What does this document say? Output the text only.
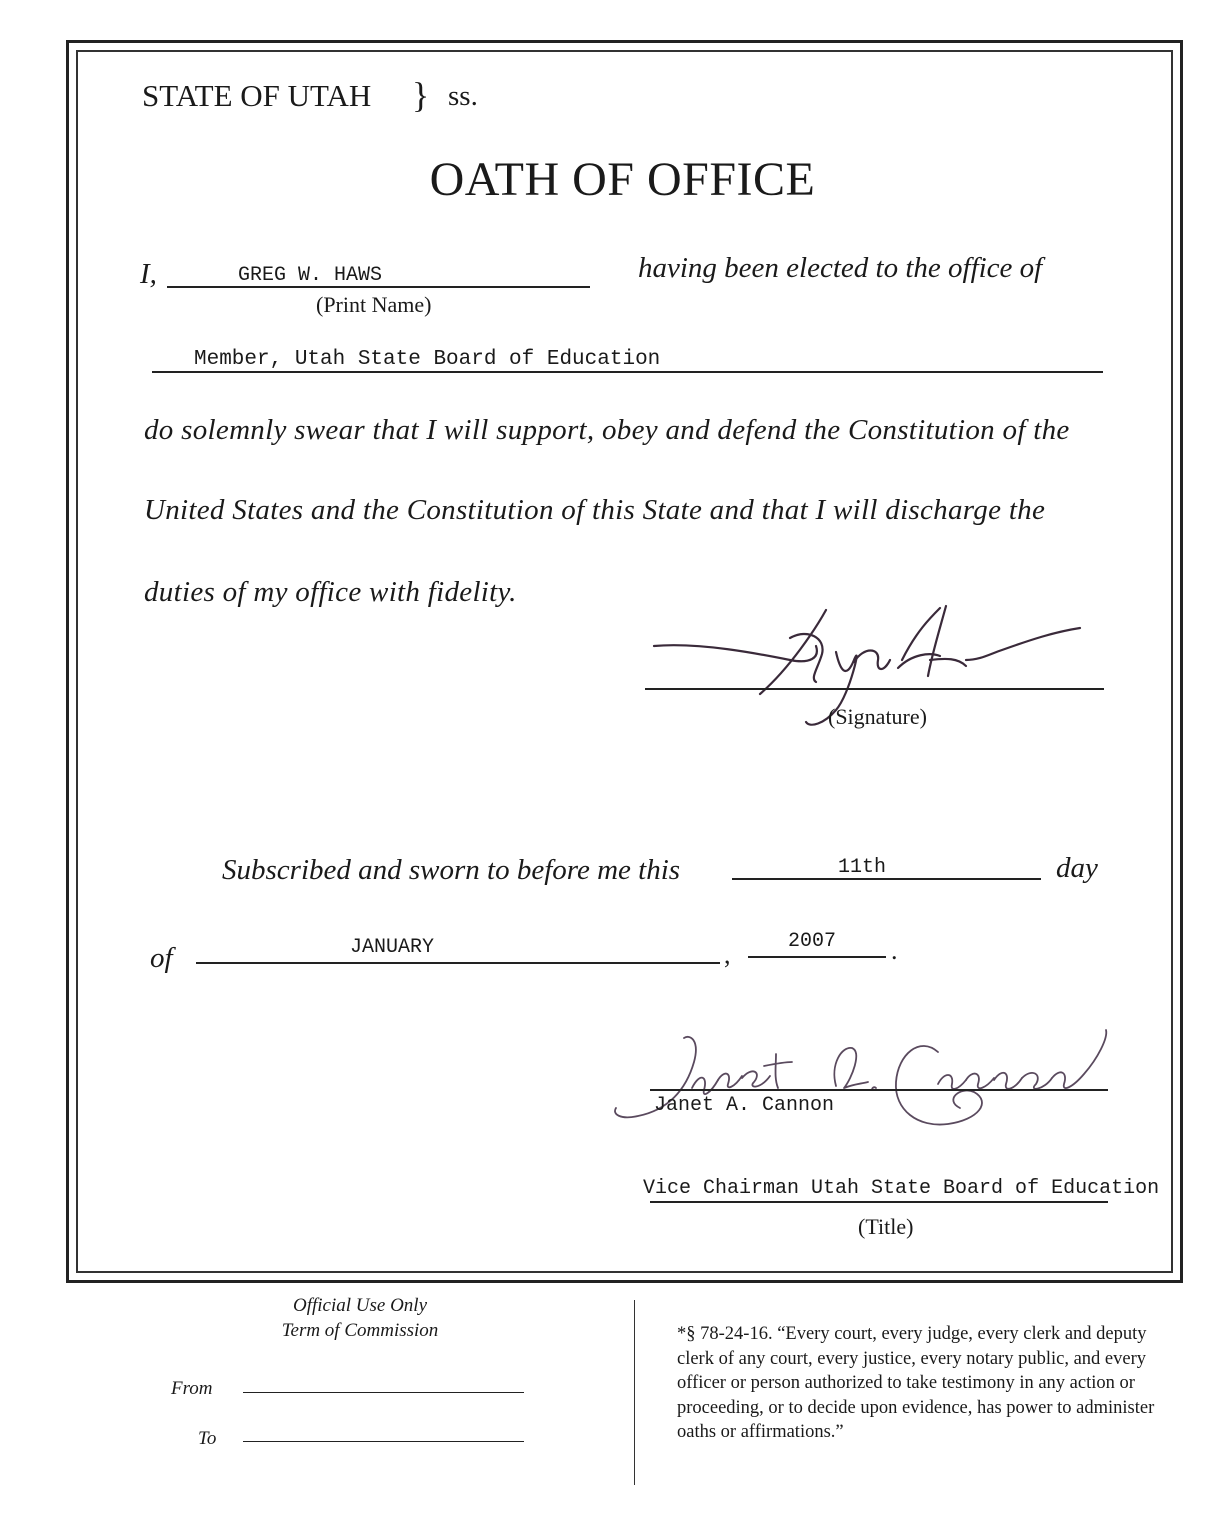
STATE OF UTAH } ss.
OATH OF OFFICE
I,	GREG W. HAWS
(Print Name)
having been elected to the office of
Member, Utah State Board of Education
do solemnly swear that I will support, obey and defend the Constitution of the
United States and the Constitution of this State and that I will discharge the
duties of my office with fidelity.
(Signature)
Subscribed and sworn to before me this	11th	day
of	JANUARY	,	2007 .
Janet A. Cannon
Vice Chairman Utah State Board of Education
(Title)
Official Use Only
Term of Commission
From
To
*§ 78-24-16. “Every court, every judge, every clerk and deputy clerk of any court, every justice, every notary public, and every officer or person authorized to take testimony in any action or proceeding, or to decide upon evidence, has power to administer oaths or affirmations.”
